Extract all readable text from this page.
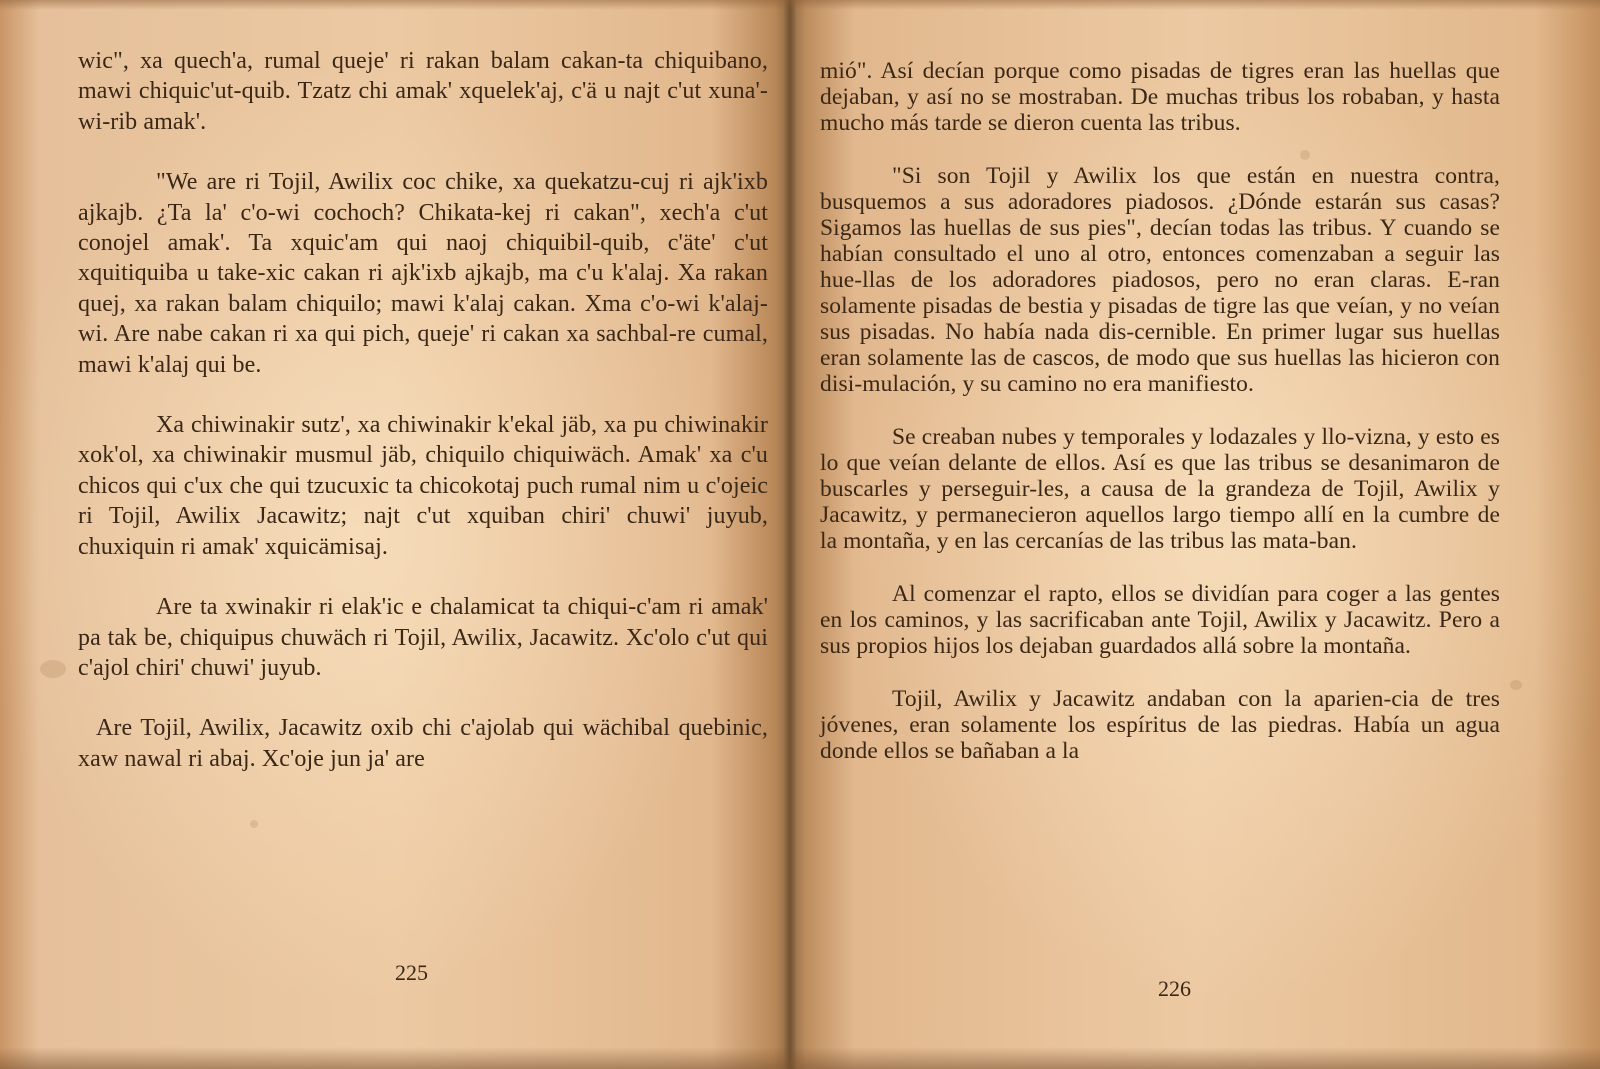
wic", xa quech'a, rumal queje' ri rakan balam cakan-ta chiquibano, mawi chiquic'ut-quib. Tzatz chi amak' xquelek'aj, c'ä u najt c'ut xuna'-wi-rib amak'.

"We are ri Tojil, Awilix coc chike, xa quekatzu-cuj ri ajk'ixb ajkajb. ¿Ta la' c'o-wi cochoch? Chikata-kej ri cakan", xech'a c'ut conojel amak'. Ta xquic'am qui naoj chiquibil-quib, c'äte' c'ut xquitiquiba u take-xic cakan ri ajk'ixb ajkajb, ma c'u k'alaj. Xa rakan quej, xa rakan balam chiquilo; mawi k'alaj cakan. Xma c'o-wi k'alaj-wi. Are nabe cakan ri xa qui pich, queje' ri cakan xa sachbal-re cumal, mawi k'alaj qui be.

Xa chiwinakir sutz', xa chiwinakir k'ekal jäb, xa pu chiwinakir xok'ol, xa chiwinakir musmul jäb, chiquilo chiquiwäch. Amak' xa c'u chicos qui c'ux che qui tzucuxic ta chicokotaj puch rumal nim u c'ojeic ri Tojil, Awilix Jacawitz; najt c'ut xquiban chiri' chuwi' juyub, chuxiquin ri amak' xquicämisaj.

Are ta xwinakir ri elak'ic e chalamicat ta chiqui-c'am ri amak' pa tak be, chiquipus chuwäch ri Tojil, Awilix, Jacawitz. Xc'olo c'ut qui c'ajol chiri' chuwi' juyub.

Are Tojil, Awilix, Jacawitz oxib chi c'ajolab qui wächibal quebinic, xaw nawal ri abaj. Xc'oje jun ja' are

225

mió". Así decían porque como pisadas de tigres eran las huellas que dejaban, y así no se mostraban. De muchas tribus los robaban, y hasta mucho más tarde se dieron cuenta las tribus.

"Si son Tojil y Awilix los que están en nuestra contra, busquemos a sus adoradores piadosos. ¿Dónde estarán sus casas? Sigamos las huellas de sus pies", decían todas las tribus. Y cuando se habían consultado el uno al otro, entonces comenzaban a seguir las hue-llas de los adoradores piadosos, pero no eran claras. E-ran solamente pisadas de bestia y pisadas de tigre las que veían, y no veían sus pisadas. No había nada dis-cernible. En primer lugar sus huellas eran solamente las de cascos, de modo que sus huellas las hicieron con disi-mulación, y su camino no era manifiesto.

Se creaban nubes y temporales y lodazales y llo-vizna, y esto es lo que veían delante de ellos. Así es que las tribus se desanimaron de buscarles y perseguir-les, a causa de la grandeza de Tojil, Awilix y Jacawitz, y permanecieron aquellos largo tiempo allí en la cumbre de la montaña, y en las cercanías de las tribus las mata-ban.

Al comenzar el rapto, ellos se dividían para coger a las gentes en los caminos, y las sacrificaban ante Tojil, Awilix y Jacawitz. Pero a sus propios hijos los dejaban guardados allá sobre la montaña.

Tojil, Awilix y Jacawitz andaban con la aparien-cia de tres jóvenes, eran solamente los espíritus de las piedras. Había un agua donde ellos se bañaban a la

226
